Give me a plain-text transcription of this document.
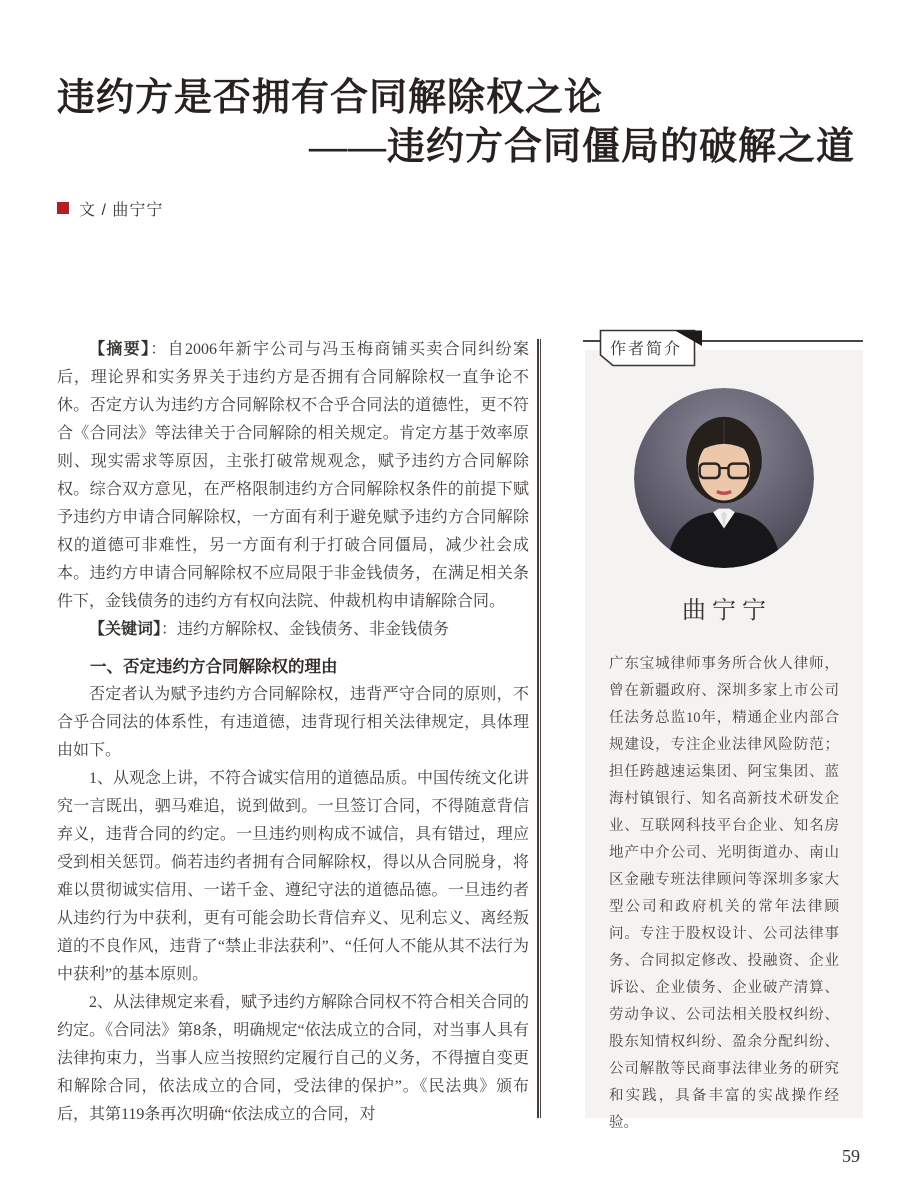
违约方是否拥有合同解除权之论
——违约方合同僵局的破解之道
文 / 曲宁宁

【摘要】：自2006年新宇公司与冯玉梅商铺买卖合同纠纷案后，理论界和实务界关于违约方是否拥有合同解除权一直争论不休。否定方认为违约方合同解除权不合乎合同法的道德性，更不符合《合同法》等法律关于合同解除的相关规定。肯定方基于效率原则、现实需求等原因，主张打破常规观念，赋予违约方合同解除权。综合双方意见，在严格限制违约方合同解除权条件的前提下赋予违约方申请合同解除权，一方面有利于避免赋予违约方合同解除权的道德可非难性，另一方面有利于打破合同僵局，减少社会成本。违约方申请合同解除权不应局限于非金钱债务，在满足相关条件下，金钱债务的违约方有权向法院、仲裁机构申请解除合同。

【关键词】：违约方解除权、金钱债务、非金钱债务

一、否定违约方合同解除权的理由

否定者认为赋予违约方合同解除权，违背严守合同的原则，不合乎合同法的体系性，有违道德，违背现行相关法律规定，具体理由如下。

1、从观念上讲，不符合诚实信用的道德品质。中国传统文化讲究一言既出，驷马难追，说到做到。一旦签订合同，不得随意背信弃义，违背合同的约定。一旦违约则构成不诚信，具有错过，理应受到相关惩罚。倘若违约者拥有合同解除权，得以从合同脱身，将难以贯彻诚实信用、一诺千金、遵纪守法的道德品德。一旦违约者从违约行为中获利，更有可能会助长背信弃义、见利忘义、离经叛道的不良作风，违背了“禁止非法获利”、“任何人不能从其不法行为中获利”的基本原则。

2、从法律规定来看，赋予违约方解除合同权不符合相关合同的约定。《合同法》第8条，明确规定“依法成立的合同，对当事人具有法律拘束力，当事人应当按照约定履行自己的义务，不得擅自变更和解除合同，依法成立的合同，受法律的保护”。《民法典》颁布后，其第119条再次明确“依法成立的合同，对

曲宁宁
广东宝城律师事务所合伙人律师，曾在新疆政府、深圳多家上市公司任法务总监10年，精通企业内部合规建设，专注企业法律风险防范；担任跨越速运集团、阿宝集团、蓝海村镇银行、知名高新技术研发企业、互联网科技平台企业、知名房地产中介公司、光明街道办、南山区金融专班法律顾问等深圳多家大型公司和政府机关的常年法律顾问。专注于股权设计、公司法律事务、合同拟定修改、投融资、企业诉讼、企业债务、企业破产清算、劳动争议、公司法相关股权纠纷、股东知情权纠纷、盈余分配纠纷、公司解散等民商事法律业务的研究和实践，具备丰富的实战操作经验。
作者简介
59
